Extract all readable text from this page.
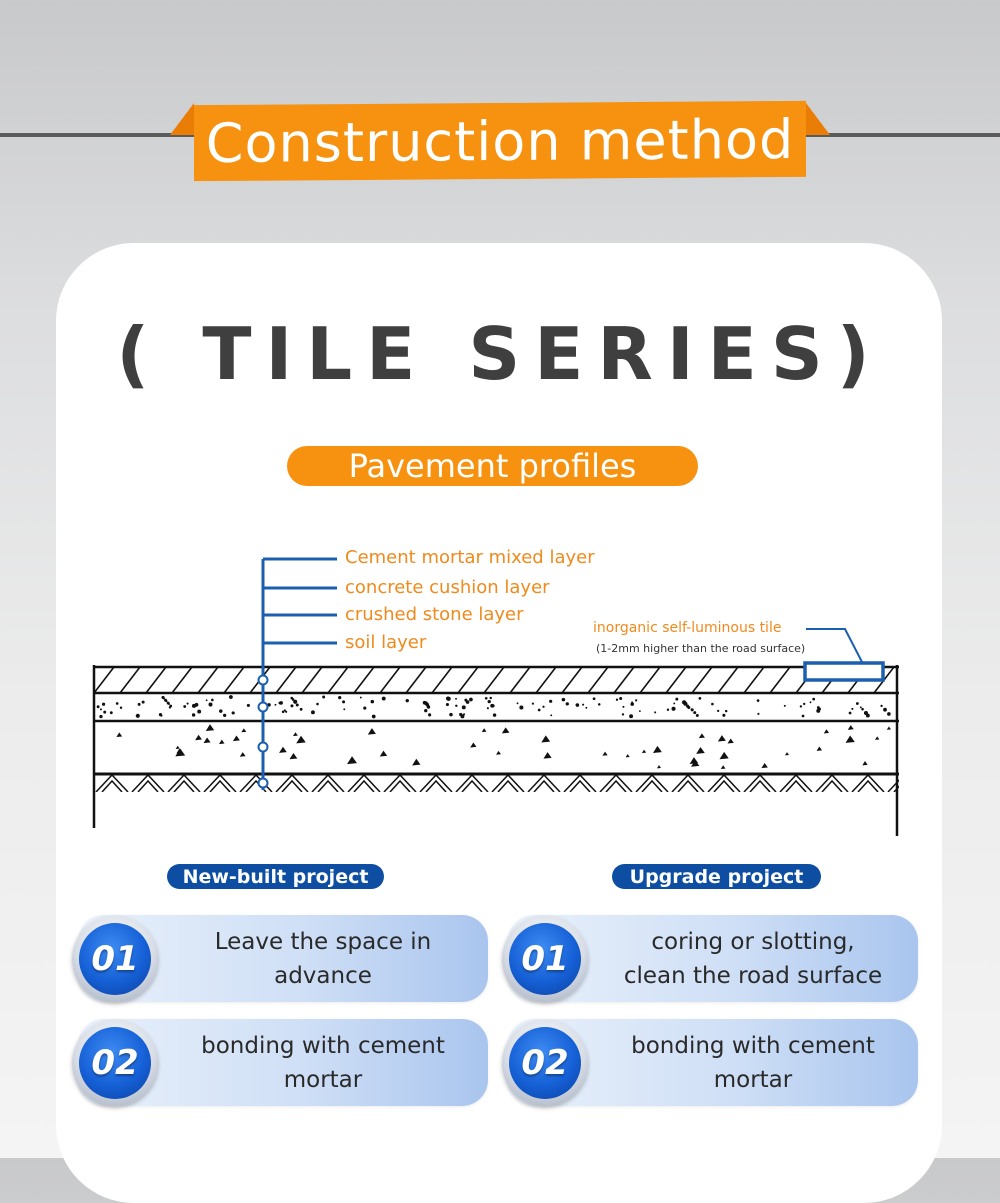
Construction method
( TILE SERIES)
Pavement profiles
Cement mortar mixed layer
concrete cushion layer
crushed stone layer
soil layer
inorganic self-luminous tile
(1-2mm higher than the road surface)
New-built project	Upgrade project
Leave the space in advance
01
bonding with cement mortar
02
coring or slotting,
clean the road surface
01
bonding with cement mortar
02
